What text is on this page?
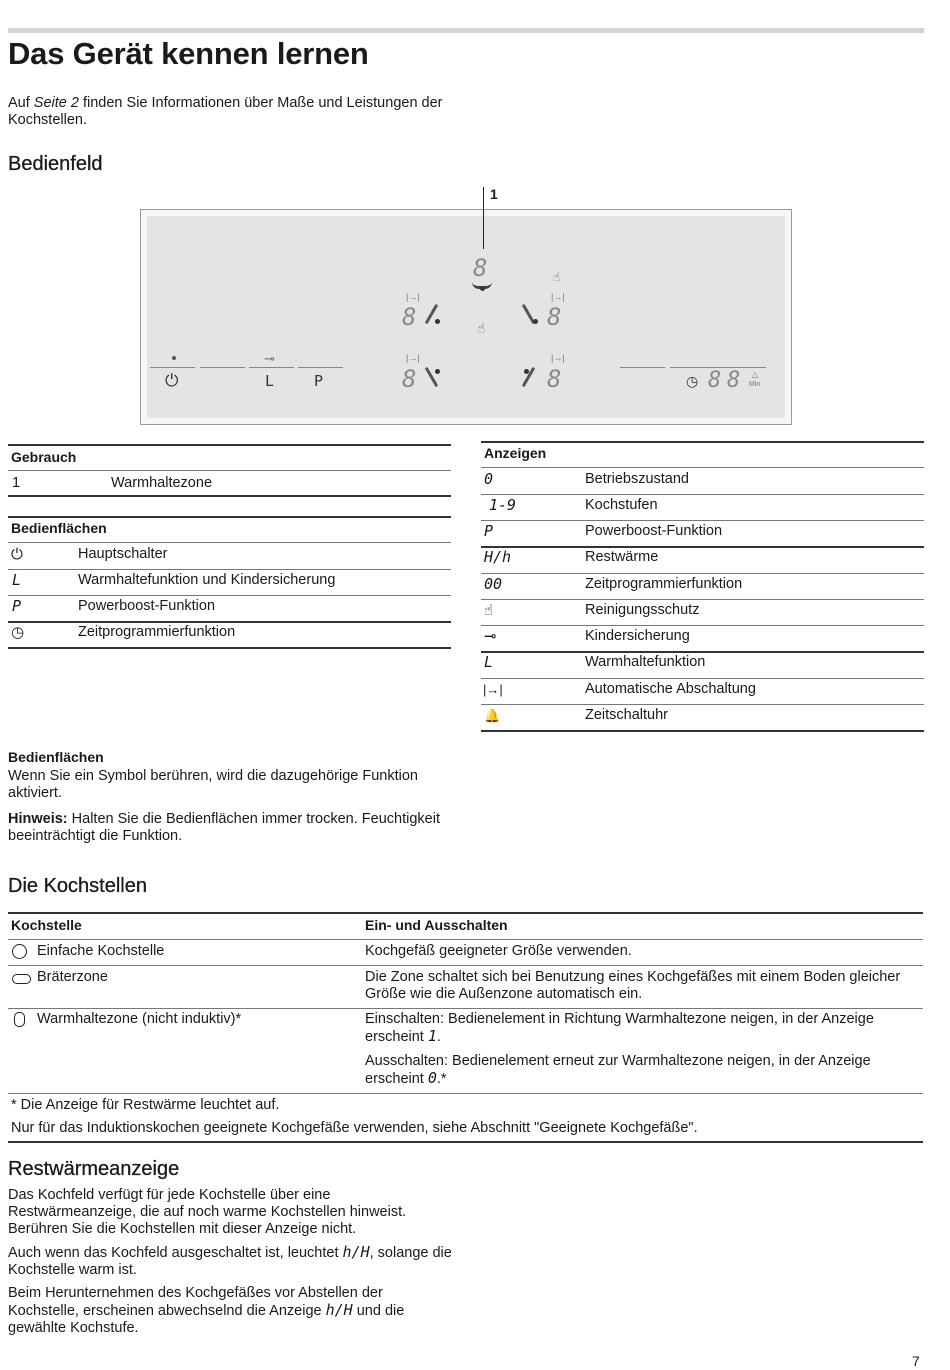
Das Gerät kennen lernen
Auf Seite 2 finden Sie Informationen über Maße und Leistungen der Kochstellen.
Bedienfeld
1
8
☝
☝
|→|
8
|→|
8
|→|
8
|→|
8
⊸
⏻	L	P	◷ 8 8 △
Min
Gebrauch
1	Warmhaltezone
Bedienflächen
⏻	Hauptschalter
L	Warmhaltefunktion und Kindersicherung
P	Powerboost-Funktion
◷	Zeitprogrammierfunktion
Anzeigen
0	Betriebszustand
1-9	Kochstufen
P	Powerboost-Funktion
H/h	Restwärme
00	Zeitprogrammierfunktion
☝	Reinigungsschutz
⊸	Kindersicherung
L	Warmhaltefunktion
|→|	Automatische Abschaltung
🔔	Zeitschaltuhr

Bedienflächen

Wenn Sie ein Symbol berühren, wird die dazugehörige Funktion aktiviert.

Hinweis: Halten Sie die Bedienflächen immer trocken. Feuchtigkeit beeinträchtigt die Funktion.

Die Kochstellen
Kochstelle	Ein- und Ausschalten
Einfache Kochstelle	Kochgefäß geeigneter Größe verwenden.
Bräterzone	Die Zone schaltet sich bei Benutzung eines Kochgefäßes mit einem Boden gleicher Größe wie die Außenzone automatisch ein.
Warmhaltezone (nicht induktiv)*	Einschalten: Bedienelement in Richtung Warmhaltezone neigen, in der Anzeige erscheint 1.
Ausschalten: Bedienelement erneut zur Warmhaltezone neigen, in der Anzeige erscheint 0.*
* Die Anzeige für Restwärme leuchtet auf.
Nur für das Induktionskochen geeignete Kochgefäße verwenden, siehe Abschnitt "Geeignete Kochgefäße".
Restwärmeanzeige

Das Kochfeld verfügt für jede Kochstelle über eine Restwärmeanzeige, die auf noch warme Kochstellen hinweist. Berühren Sie die Kochstellen mit dieser Anzeige nicht.

Auch wenn das Kochfeld ausgeschaltet ist, leuchtet h/H, solange die Kochstelle warm ist.

Beim Herunternehmen des Kochgefäßes vor Abstellen der Kochstelle, erscheinen abwechselnd die Anzeige h/H und die gewählte Kochstufe.

7
